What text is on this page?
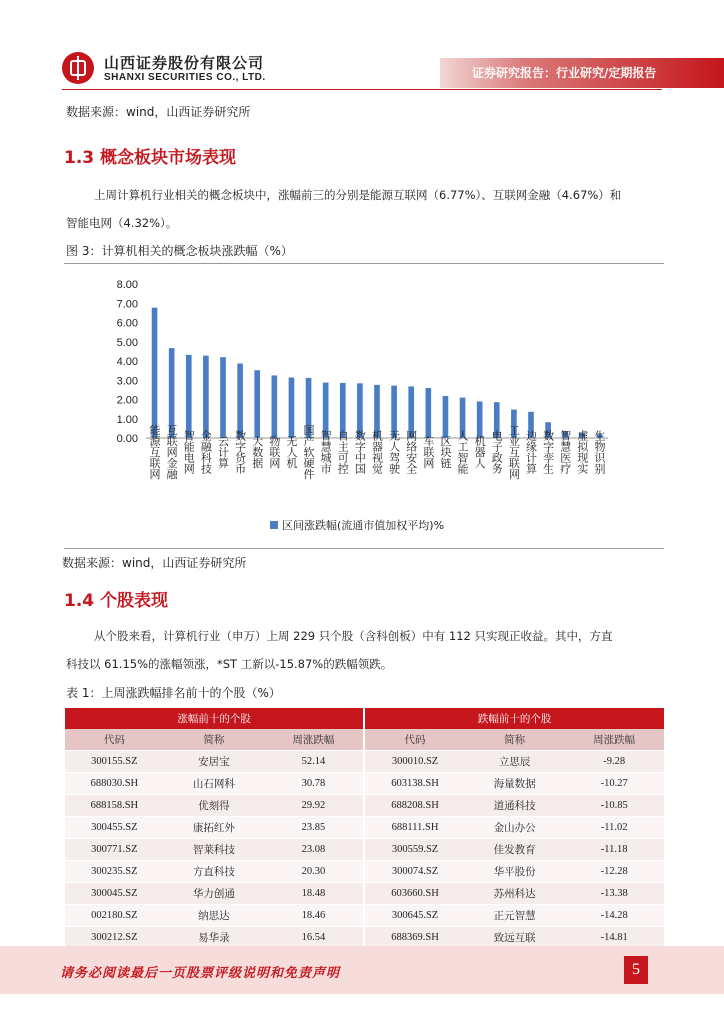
山西证券股份有限公司
SHANXI SECURITIES CO., LTD.	证券研究报告：行业研究/定期报告
数据来源：wind，山西证券研究所
1.3 概念板块市场表现
上周计算机行业相关的概念板块中，涨幅前三的分别是能源互联网（6.77%）、互联网金融（4.67%）和
智能电网（4.32%）。
图 3：计算机相关的概念板块涨跌幅（%）
0.00
1.00
2.00
3.00
4.00
5.00
6.00
7.00
8.00
能源互联网 互联网金融 智能电网 金融科技 云计算 数字货币 大数据 物联网 无人机 国产软硬件 智慧城市 自主可控 数字中国 机器视觉 无人驾驶 网络安全 车联网 区块链 人工智能 机器人 电子政务 工业互联网 边缘计算 数字孪生 智慧医疗 虚拟现实 生物识别
区间涨跌幅(流通市值加权平均)%
数据来源：wind，山西证券研究所
1.4 个股表现
从个股来看，计算机行业（申万）上周 229 只个股（含科创板）中有 112 只实现正收益。其中，方直
科技以 61.15%的涨幅领涨，*ST 工新以-15.87%的跌幅领跌。
表 1：上周涨跌幅排名前十的个股（%）
涨幅前十的个股			跌幅前十的个股		
代码	简称	周涨跌幅	代码	简称	周涨跌幅
300155.SZ	安居宝	52.14	300010.SZ	立思辰	-9.28
688030.SH	山石网科	30.78	603138.SH	海量数据	-10.27
688158.SH	优刻得	29.92	688208.SH	道通科技	-10.85
300455.SZ	康拓红外	23.85	688111.SH	金山办公	-11.02
300771.SZ	智莱科技	23.08	300559.SZ	佳发教育	-11.18
300235.SZ	方直科技	20.30	300074.SZ	华平股份	-12.28
300045.SZ	华力创通	18.48	603660.SH	苏州科达	-13.38
002180.SZ	纳思达	18.46	300645.SZ	正元智慧	-14.28
300212.SZ	易华录	16.54	688369.SH	致远互联	-14.81
请务必阅读最后一页股票评级说明和免责声明	5
